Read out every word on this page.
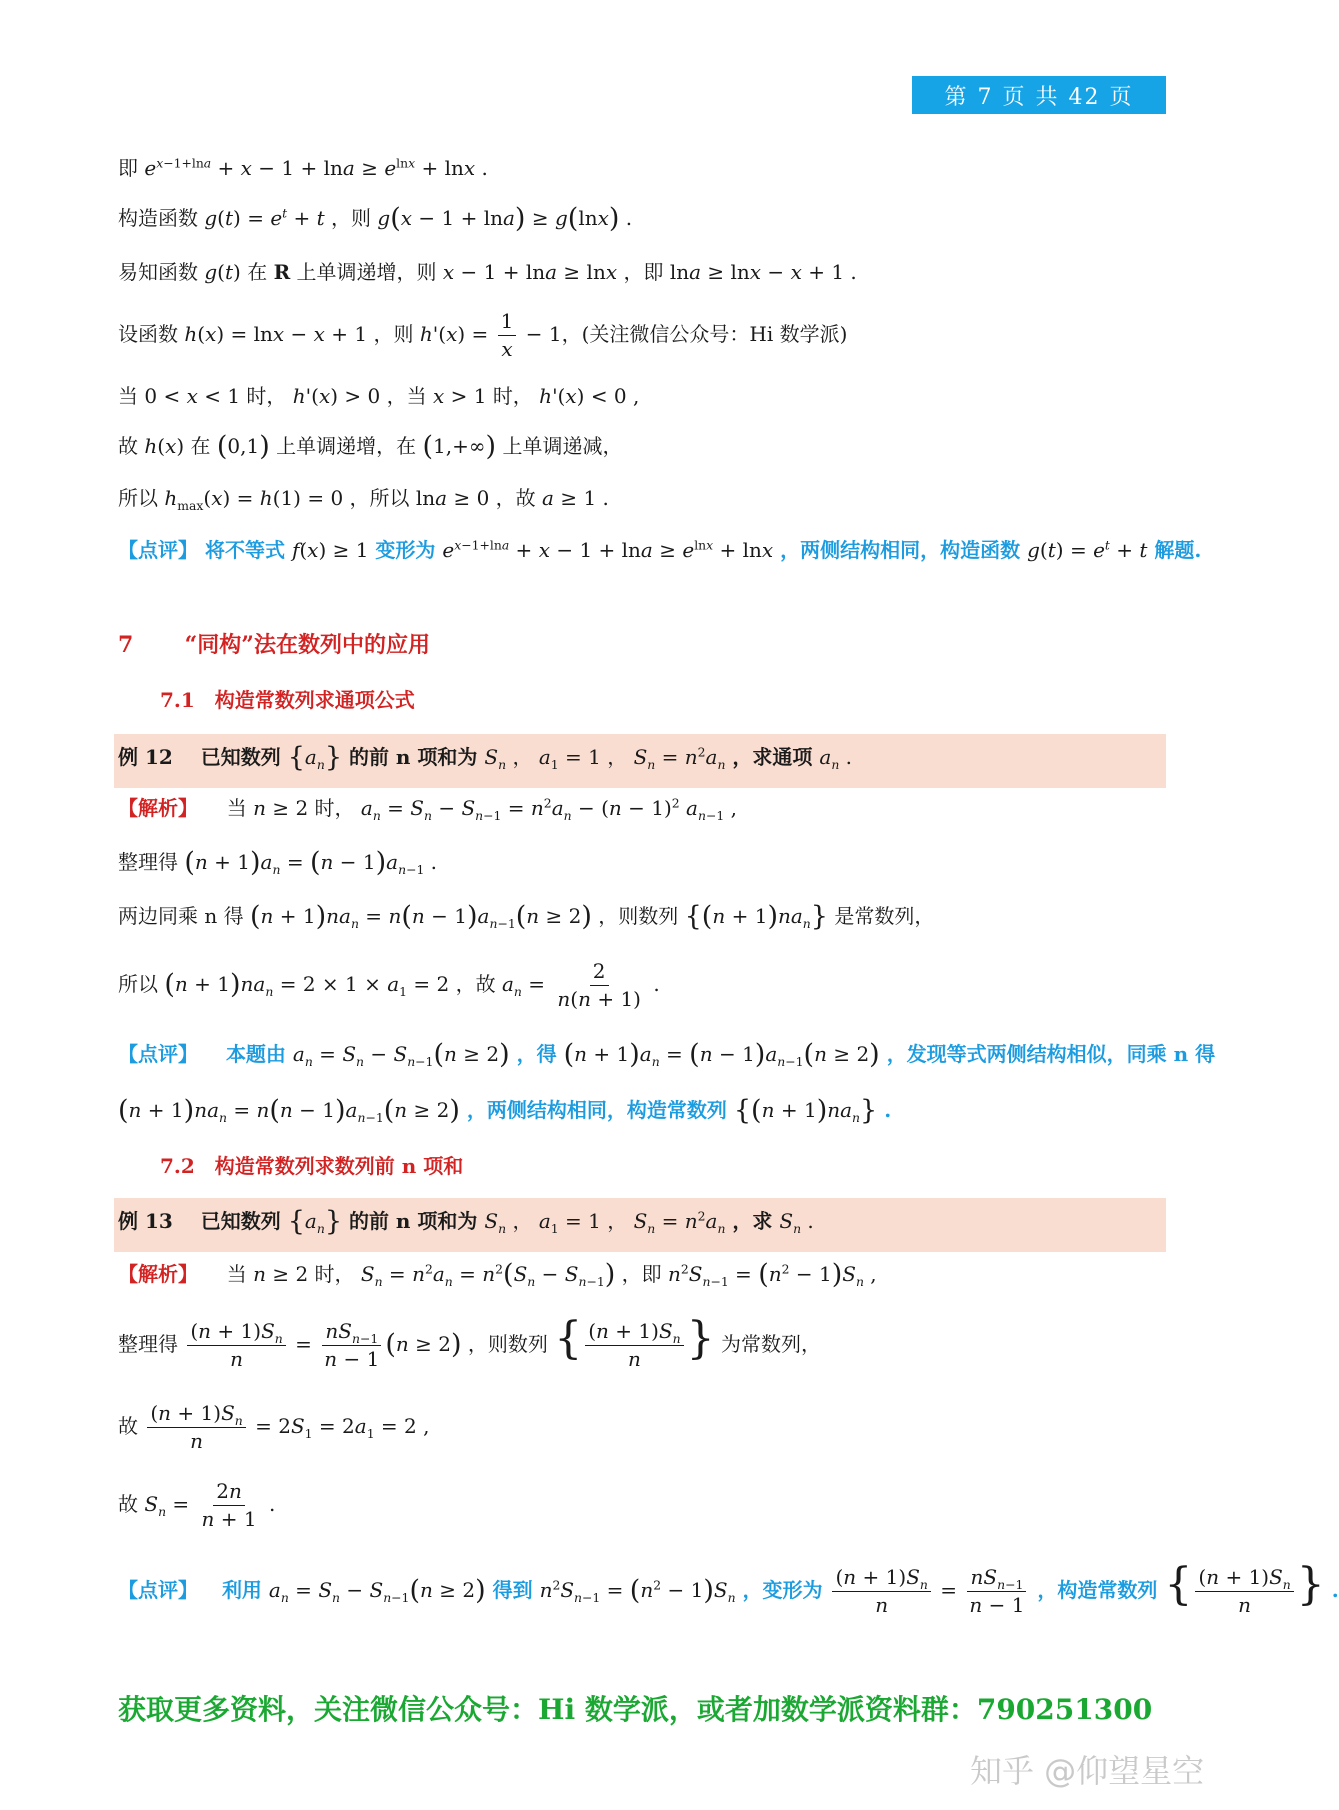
第 7 页 共 42 页
即 $e^{x-1+lna} + x - 1 + \ln a \ge e^{lnx} + \ln x$ .
构造函数 $g(t) = e^t + t$ ，则 g(x − 1 + lna) ≥ g(lnx) .
易知函数 g(t) 在 R 上单调递增，则 x − 1 + lna ≥ lnx ，即 lna ≥ lnx − x + 1 .
设函数 h(x) = lnx − x + 1 ，则 $h'(x) = \frac{1}{x} - 1$，(关注微信公众号：Hi 数学派)
当 0 < x < 1 时， h'(x) > 0 ，当 x > 1 时， h'(x) < 0 ,
故 h(x) 在 (0,1) 上单调递增，在 (1,+∞) 上单调递减，
所以 $h_{max}(x) = h(1) = 0$ ，所以 lna ≥ 0 ，故 a ≥ 1 .
【点评】 将不等式 f(x) ≥ 1 变形为 $e^{x-1+lna} + x - 1 + \ln a \ge e^{lnx} + \ln x$ ，两侧结构相同，构造函数 $g(t) = e^t + t$ 解题.
7 “同构”法在数列中的应用
7.1　构造常数列求通项公式
例 12 已知数列 $\{a_n\}$ 的前 n 项和为 $S_n$ ， $a_1 = 1$ ， $S_n = n^2a_n$ ，求通项 $a_n$ .
【解析】 当 n ≥ 2 时， $a_n = S_n - S_{n-1} = n^2a_n - (n - 1)^2$ $a_{n-1}$ ,
整理得 $(n + 1)a_n = (n - 1)a_{n-1}$ .
两边同乘 n 得 $(n + 1)na_n = n(n - 1)a_{n-1}(n \ge 2)$ ，则数列 $\{(n + 1)na_n\}$ 是常数列，
所以 $(n + 1)na_n = 2 \times 1 \times a_1 = 2$ ，故 $a_n = \frac{2}{n(n + 1)}$ .
【点评】 本题由 $a_n = S_n - S_{n-1}(n \ge 2)$ ，得 $(n + 1)a_n = (n - 1)a_{n-1}(n \ge 2)$ ，发现等式两侧结构相似，同乘 n 得
$(n + 1)na_n = n(n - 1)a_{n-1}(n \ge 2)$ ，两侧结构相同，构造常数列 $\{(n + 1)na_n\}$ .
7.2　构造常数列求数列前 n 项和
例 13 已知数列 $\{a_n\}$ 的前 n 项和为 $S_n$ ， $a_1 = 1$ ， $S_n = n^2a_n$ ，求 $S_n$ .
【解析】 当 n ≥ 2 时， $S_n = n^2a_n = n^2(S_n - S_{n-1})$ ，即 $n^2S_{n-1} = (n^2 - 1)S_n$ ,
整理得 $\frac{(n + 1)S_n}{n} = \frac{nS_{n-1}}{n - 1} (n \ge 2)$ ，则数列 { $\frac{(n + 1)S_n}{n}$ } 为常数列，
故 $\frac{(n + 1)S_n}{n} = 2S_1 = 2a_1 = 2$ ,
故 $S_n = \frac{2n}{n + 1}$ .
【点评】 利用 $a_n = S_n - S_{n-1}(n \ge 2)$ 得到 $n^2S_{n-1} = (n^2 - 1)S_n$ ，变形为 $\frac{(n + 1)S_n}{n} = \frac{nS_{n-1}}{n - 1}$ ，构造常数列 { $\frac{(n + 1)S_n}{n}$ } .
获取更多资料，关注微信公众号：Hi 数学派，或者加数学派资料群：790251300
知乎 @仰望星空
